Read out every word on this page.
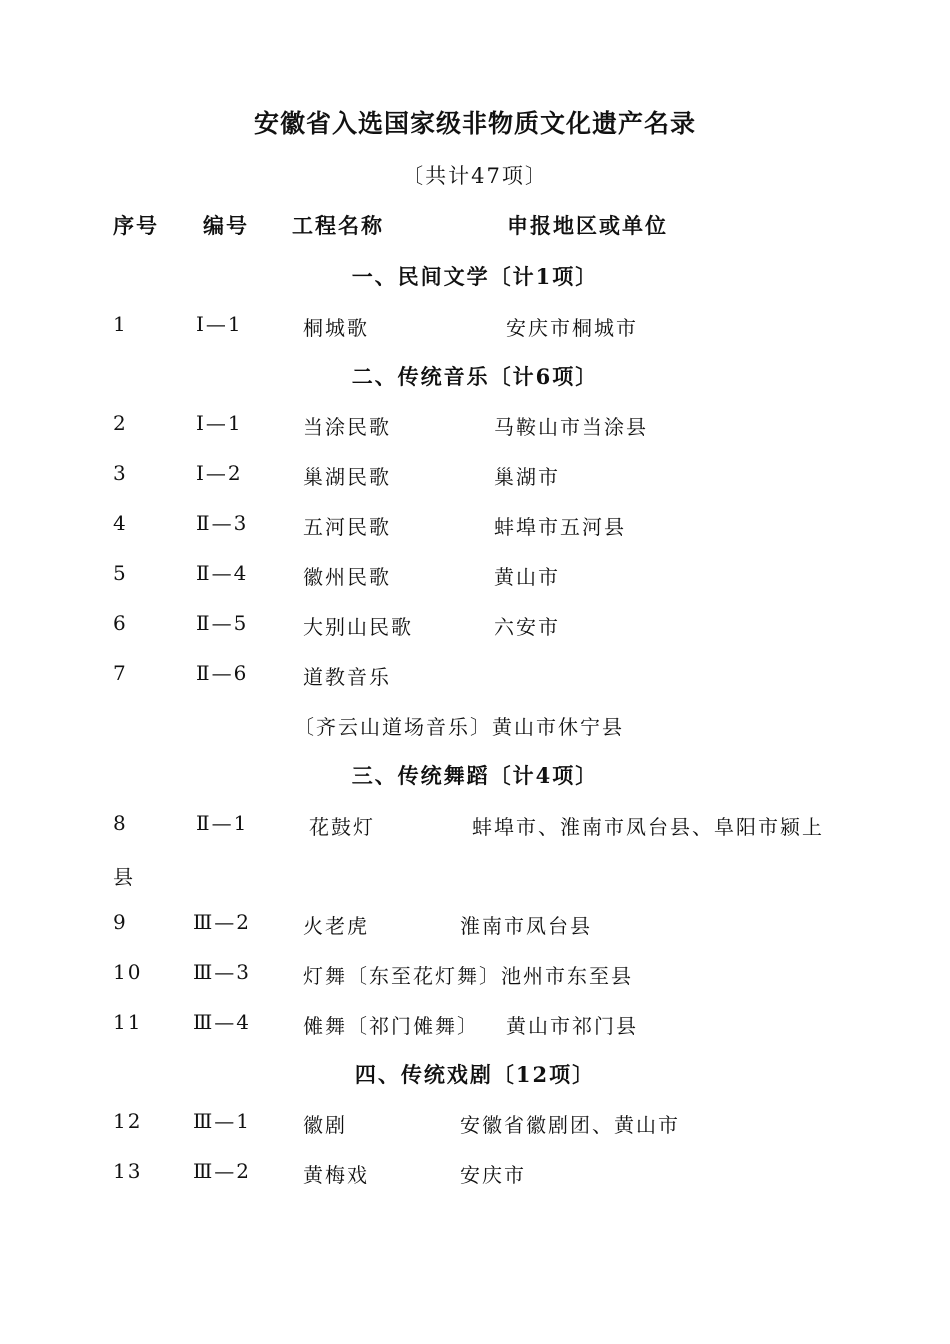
安徽省入选国家级非物质文化遗产名录
〔共计47项〕
序号 编号 工程名称	申报地区或单位
一、民间文学〔计1项〕
1	Ⅰ—1	桐城歌	安庆市桐城市
二、传统音乐〔计6项〕
2	Ⅰ—1	当涂民歌	马鞍山市当涂县
3	Ⅰ—2	巢湖民歌	巢湖市
4	Ⅱ—3	五河民歌	蚌埠市五河县
5	Ⅱ—4	徽州民歌	黄山市
6	Ⅱ—5	大别山民歌	六安市
7	Ⅱ—6	道教音乐
〔齐云山道场音乐〕黄山市休宁县
三、传统舞蹈〔计4项〕
8	Ⅱ—1	花鼓灯	蚌埠市、淮南市凤台县、阜阳市颍上
县
9	Ⅲ—2	火老虎	淮南市凤台县
10	Ⅲ—3	灯舞〔东至花灯舞〕池州市东至县
11	Ⅲ—4	傩舞〔祁门傩舞〕 黄山市祁门县
四、传统戏剧〔12项〕
12	Ⅲ—1	徽剧	安徽省徽剧团、黄山市
13	Ⅲ—2	黄梅戏	安庆市
